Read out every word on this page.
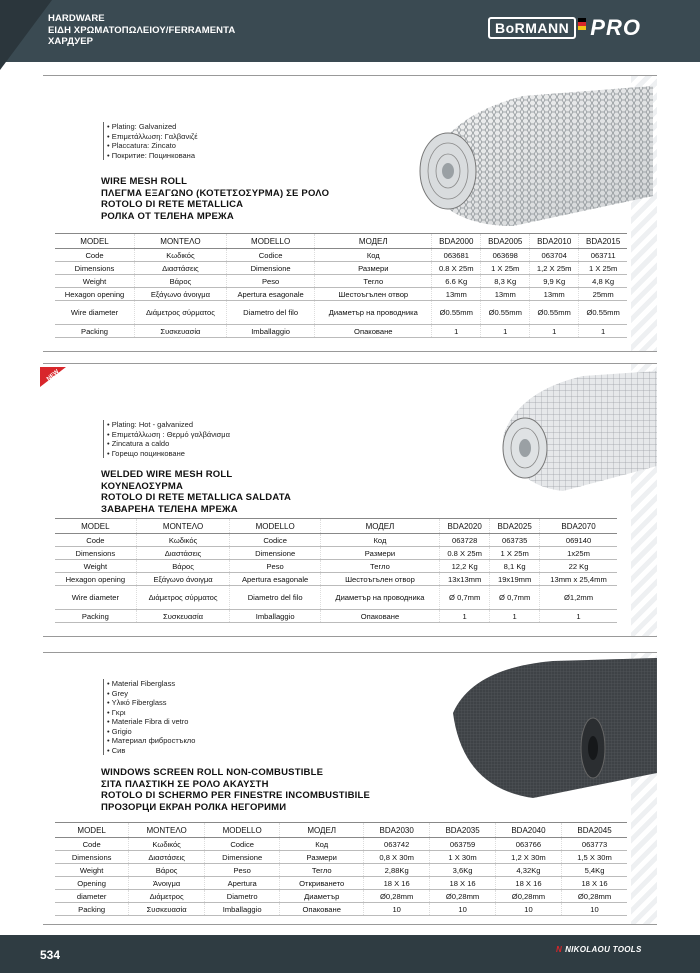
HARDWARE
ΕΙΔΗ ΧΡΩΜΑΤΟΠΩΛΕΙΟΥ/FERRAMENTA
ХАРДУЕР
BoRMANN PRO
• Plating: Galvanized
• Επιμετάλλωση: Γαλβανιζέ
• Placcatura: Zincato
• Покритие: Поцинкована
WIRE MESH ROLL
ΠΛΕΓΜΑ ΕΞΑΓΩΝΟ (ΚΟΤΕΤΣΟΣΥΡΜΑ) ΣΕ ΡΟΛΟ
ROTOLO DI RETE METALLICA
РОЛКА ОТ ТЕЛЕНА МРЕЖА
MODEL	ΜΟΝΤΕΛΟ	MODELLO	МОДЕЛ	BDA2000	BDA2005	BDA2010	BDA2015
Code	Κωδικός	Codice	Код	063681	063698	063704	063711
Dimensions	Διαστάσεις	Dimensione	Размери	0.8 X 25m	1 X 25m	1,2 X 25m	1 X 25m
Weight	Βάρος	Peso	Тегло	6.6 Kg	8,3 Kg	9,9 Kg	4,8 Kg
Hexagon opening	Εξάγωνο άνοιγμα	Apertura esagonale	Шестоъгълен отвор	13mm	13mm	13mm	25mm
Wire diameter	Διάμετρος σύρματος	Diametro del filo	Диаметър на проводника	Ø0.55mm	Ø0.55mm	Ø0.55mm	Ø0.55mm
Packing	Συσκευασία	Imballaggio	Опаковане	1	1	1	1
• Plating: Hot - galvanized
• Επιμετάλλωση : Θερμό γαλβάνισμα
• Zincatura a caldo
• Горещо поцинковане
WELDED WIRE MESH ROLL
ΚΟΥΝΕΛΟΣΥΡΜΑ
ROTOLO DI RETE METALLICA SALDATA
ЗАВАРЕНА ТЕЛЕНА МРЕЖА
NEW
MODEL	ΜΟΝΤΕΛΟ	MODELLO	МОДЕЛ	BDA2020	BDA2025	BDA2070
Code	Κωδικός	Codice	Код	063728	063735	069140
Dimensions	Διαστάσεις	Dimensione	Размери	0.8 X 25m	1 X 25m	1x25m
Weight	Βάρος	Peso	Тегло	12,2 Kg	8,1 Kg	22 Kg
Hexagon opening	Εξάγωνο άνοιγμα	Apertura esagonale	Шестоъгълен отвор	13x13mm	19x19mm	13mm x 25,4mm
Wire diameter	Διάμετρος σύρματος	Diametro del filo	Диаметър на проводника	Ø 0,7mm	Ø 0,7mm	Ø1,2mm
Packing	Συσκευασία	Imballaggio	Опаковане	1	1	1
• Material Fiberglass
• Grey
• Υλικό Fiberglass
• Γκρι
• Materiale Fibra di vetro
• Grigio
• Материал фибростъкло
• Сив
WINDOWS SCREEN ROLL NON-COMBUSTIBLE
ΣΙΤΑ ΠΛΑΣΤΙΚΗ ΣΕ ΡΟΛΟ ΑΚΑΥΣΤΗ
ROTOLO DI SCHERMO PER FINESTRE INCOMBUSTIBILE
ПРОЗОРЦИ ЕКРАН РОЛКА НЕГОРИМИ
MODEL	ΜΟΝΤΕΛΟ	MODELLO	МОДЕЛ	BDA2030	BDA2035	BDA2040	BDA2045
Code	Κωδικός	Codice	Код	063742	063759	063766	063773
Dimensions	Διαστάσεις	Dimensione	Размери	0,8 X 30m	1 X 30m	1,2 X 30m	1,5 X 30m
Weight	Βάρος	Peso	Тегло	2,88Kg	3,6Kg	4,32Kg	5,4Kg
Opening	Άνοιγμα	Apertura	Откриването	18 X 16	18 X 16	18 X 16	18 X 16
diameter	Διάμετρος	Diametro	Диаметър	Ø0,28mm	Ø0,28mm	Ø0,28mm	Ø0,28mm
Packing	Συσκευασία	Imballaggio	Опаковане	10	10	10	10
534	N NIKOLAOU TOOLS
